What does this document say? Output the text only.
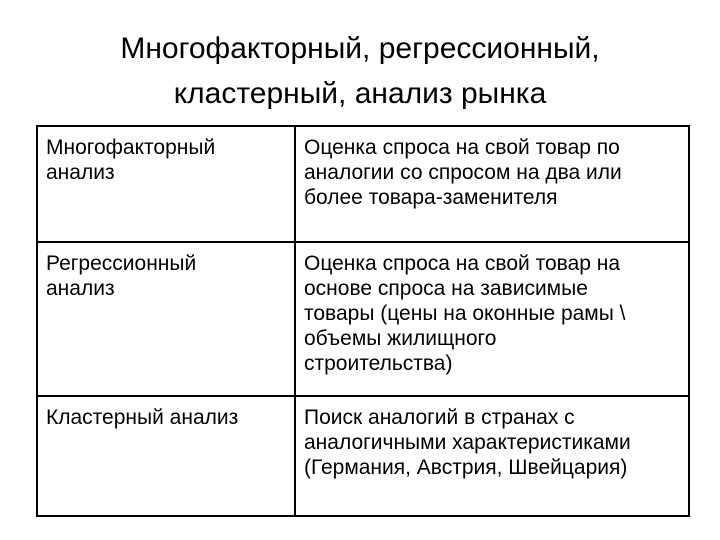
Многофакторный, регрессионный,
кластерный, анализ рынка
Многофакторный
анализ	Оценка спроса на свой товар по
аналогии со спросом на два или
более товара-заменителя

Регрессионный
анализ	Оценка спроса на свой товар на
основе спроса на зависимые
товары (цены на оконные рамы \
объемы жилищного
строительства)

Кластерный анализ	Поиск аналогий в странах с
аналогичными характеристиками
(Германия, Австрия, Швейцария)
